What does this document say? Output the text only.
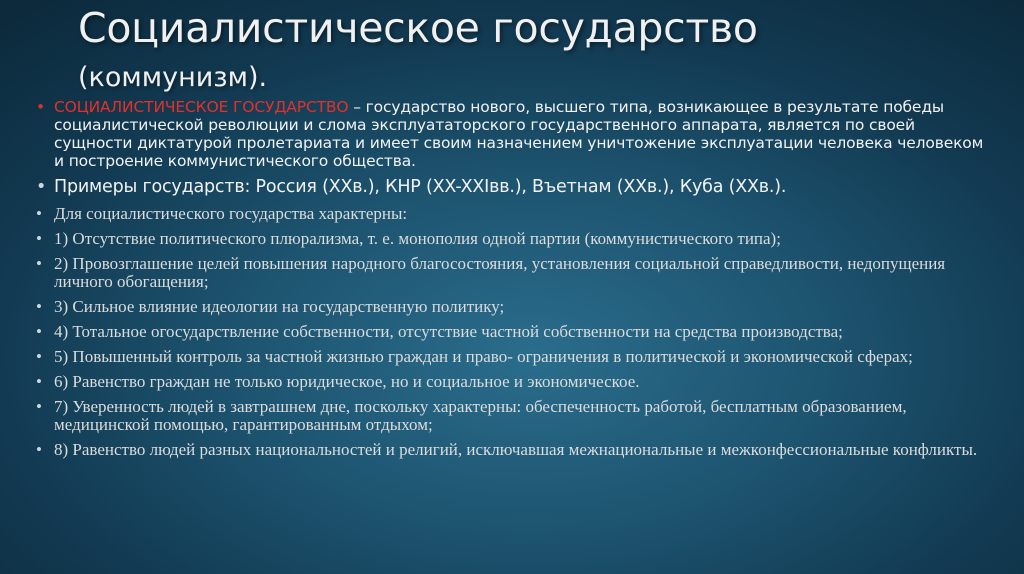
Социалистическое государство
(коммунизм).
• СОЦИАЛИСТИЧЕСКОЕ ГОСУДАРСТВО – государство нового, высшего типа, возникающее в результате победы социалистической революции и слома эксплуататорского государственного аппарата, является по своей сущности диктатурой пролетариата и имеет своим назначением уничтожение эксплуатации человека человеком и построение коммунистического общества.
• Примеры государств: Россия (XXв.), КНР (XX-XXIвв.), Въетнам (XXв.), Куба (XXв.).
• Для социалистического государства характерны:
• 1) Отсутствие политического плюрализма, т. е. монополия одной партии (коммунистического типа);
• 2) Провозглашение целей повышения народного благосостояния, установления социальной справедливости, недопущения личного обогащения;
• 3) Сильное влияние идеологии на государственную политику;
• 4) Тотальное огосударствление собственности, отсутствие частной собственности на средства производства;
• 5) Повышенный контроль за частной жизнью граждан и право- ограничения в политической и экономической сферах;
• 6) Равенство граждан не только юридическое, но и социальное и экономическое.
• 7) Уверенность людей в завтрашнем дне, поскольку характерны: обеспеченность работой, бесплатным образованием, медицинской помощью, гарантированным отдыхом;
• 8) Равенство людей разных национальностей и религий, исключавшая межнациональные и межконфессиональные конфликты.
